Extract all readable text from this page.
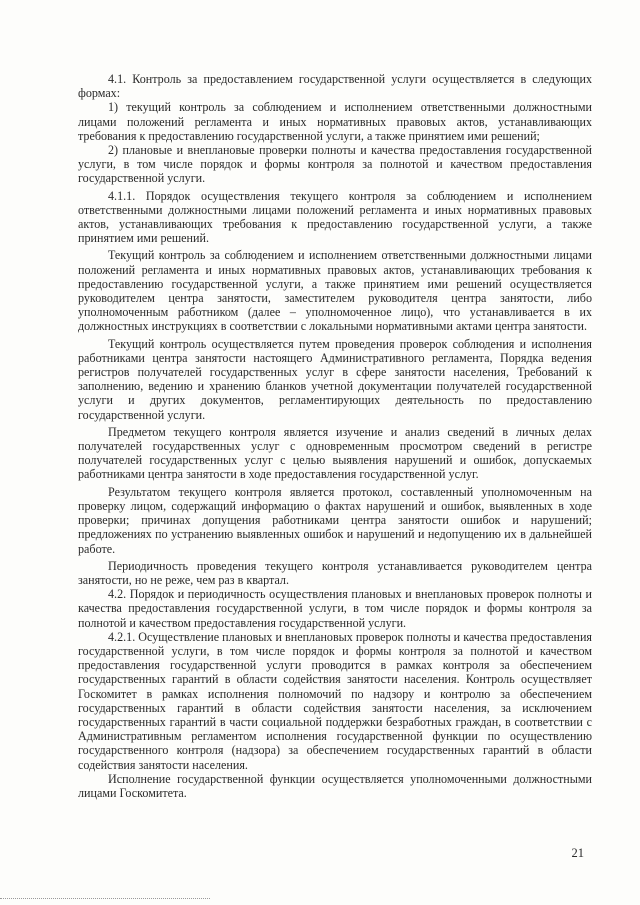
4.1. Контроль за предоставлением государственной услуги осуществляется в следующих формах:

1) текущий контроль за соблюдением и исполнением ответственными должностными лицами положений регламента и иных нормативных правовых актов, устанавливающих требования к предоставлению государственной услуги, а также принятием ими решений;

2) плановые и внеплановые проверки полноты и качества предоставления государственной услуги, в том числе порядок и формы контроля за полнотой и качеством предоставления государственной услуги.

4.1.1. Порядок осуществления текущего контроля за соблюдением и исполнением ответственными должностными лицами положений регламента и иных нормативных правовых актов, устанавливающих требования к предоставлению государственной услуги, а также принятием ими решений.

Текущий контроль за соблюдением и исполнением ответственными должностными лицами положений регламента и иных нормативных правовых актов, устанавливающих требования к предоставлению государственной услуги, а также принятием ими решений осуществляется руководителем центра занятости, заместителем руководителя центра занятости, либо уполномоченным работником (далее – уполномоченное лицо), что устанавливается в их должностных инструкциях в соответствии с локальными нормативными актами центра занятости.

Текущий контроль осуществляется путем проведения проверок соблюдения и исполнения работниками центра занятости настоящего Административного регламента, Порядка ведения регистров получателей государственных услуг в сфере занятости населения, Требований к заполнению, ведению и хранению бланков учетной документации получателей государственной услуги и других документов, регламентирующих деятельность по предоставлению государственной услуги.

Предметом текущего контроля является изучение и анализ сведений в личных делах получателей государственных услуг с одновременным просмотром сведений в регистре получателей государственных услуг с целью выявления нарушений и ошибок, допускаемых работниками центра занятости в ходе предоставления государственной услуг.

Результатом текущего контроля является протокол, составленный уполномоченным на проверку лицом, содержащий информацию о фактах нарушений и ошибок, выявленных в ходе проверки; причинах допущения работниками центра занятости ошибок и нарушений; предложениях по устранению выявленных ошибок и нарушений и недопущению их в дальнейшей работе.

Периодичность проведения текущего контроля устанавливается руководителем центра занятости, но не реже, чем раз в квартал.

4.2. Порядок и периодичность осуществления плановых и внеплановых проверок полноты и качества предоставления государственной услуги, в том числе порядок и формы контроля за полнотой и качеством предоставления государственной услуги.

4.2.1. Осуществление плановых и внеплановых проверок полноты и качества предоставления государственной услуги, в том числе порядок и формы контроля за полнотой и качеством предоставления государственной услуги проводится в рамках контроля за обеспечением государственных гарантий в области содействия занятости населения. Контроль осуществляет Госкомитет в рамках исполнения полномочий по надзору и контролю за обеспечением государственных гарантий в области содействия занятости населения, за исключением государственных гарантий в части социальной поддержки безработных граждан, в соответствии с Административным регламентом исполнения государственной функции по осуществлению государственного контроля (надзора) за обеспечением государственных гарантий в области содействия занятости населения.

Исполнение государственной функции осуществляется уполномоченными должностными лицами Госкомитета.

21
